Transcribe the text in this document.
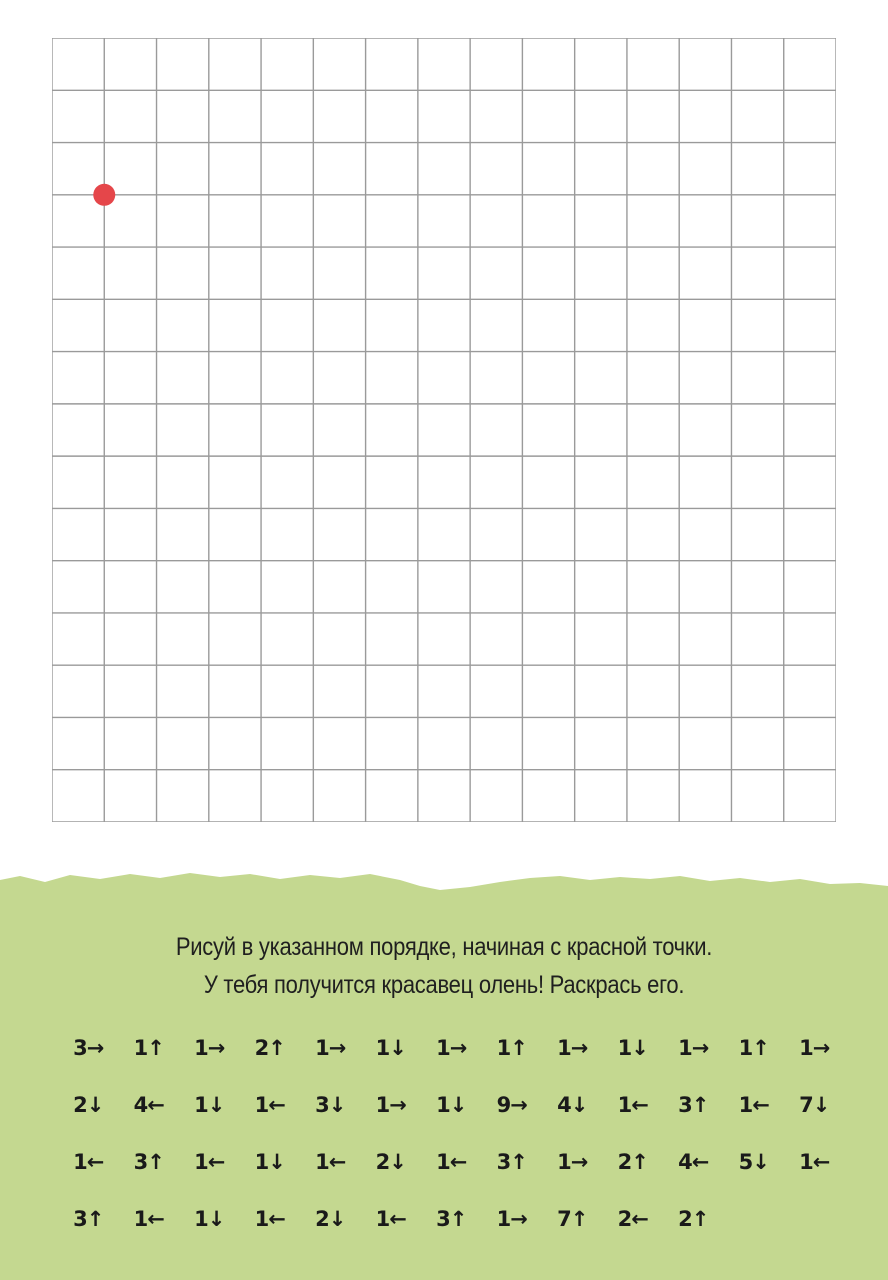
Рисуй в указанном порядке, начиная с красной точки.
У тебя получится красавец олень! Раскрась его.
3→	1↑	1→	2↑	1→	1↓	1→	1↑	1→	1↓	1→	1↑	1→
2↓	4←	1↓	1←	3↓	1→	1↓	9→	4↓	1←	3↑	1←	7↓
1←	3↑	1←	1↓	1←	2↓	1←	3↑	1→	2↑	4←	5↓	1←
3↑	1←	1↓	1←	2↓	1←	3↑	1→	7↑	2←	2↑
